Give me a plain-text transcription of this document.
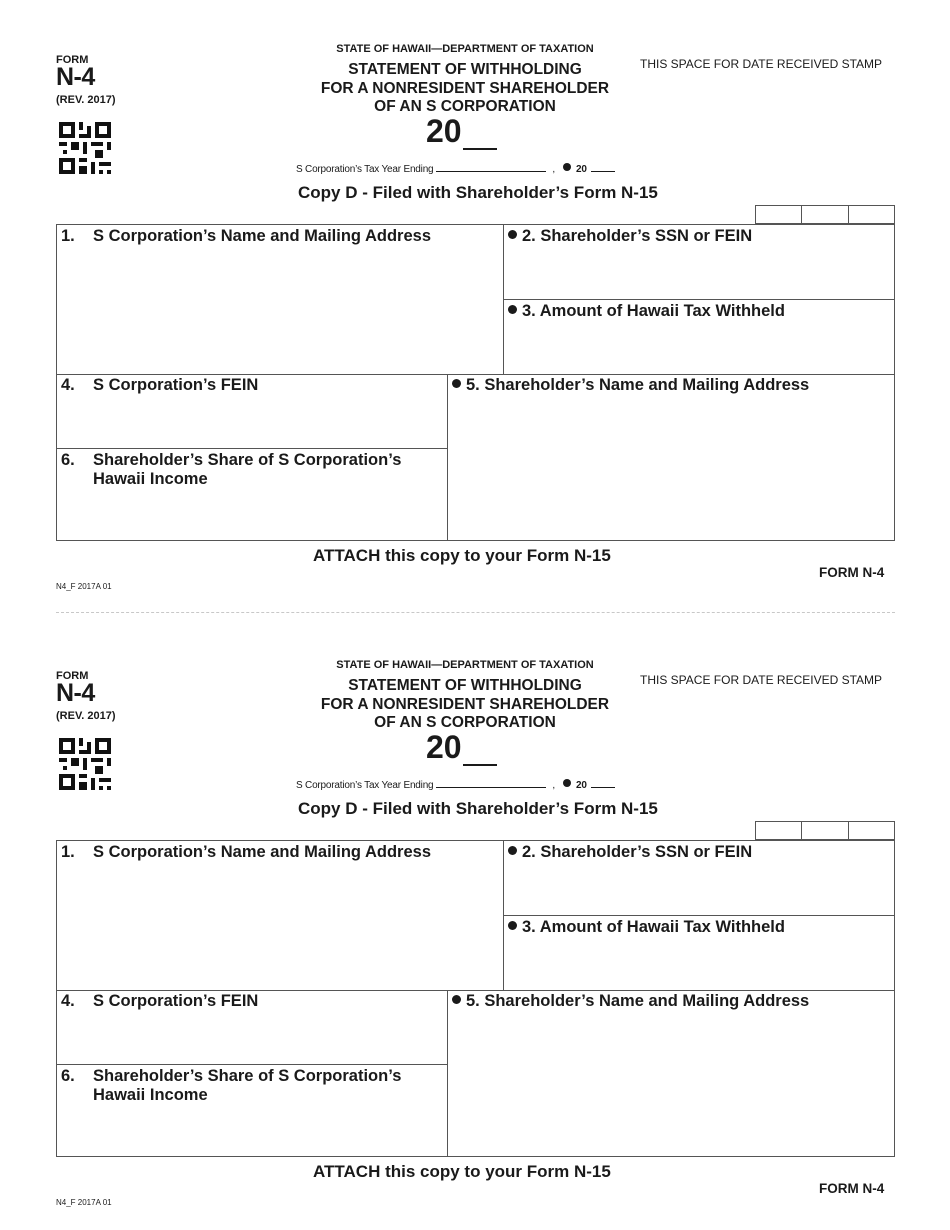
FORM
N-4
(REV. 2017)
STATE OF HAWAII—DEPARTMENT OF TAXATION
STATEMENT OF WITHHOLDING
FOR A NONRESIDENT SHAREHOLDER
OF AN S CORPORATION
20
S Corporation’s Tax Year Ending	, 20
THIS SPACE FOR DATE RECEIVED STAMP
Copy D - Filed with Shareholder’s Form N-15
1. S Corporation’s Name and Mailing Address	2. Shareholder’s SSN or FEIN
3. Amount of Hawaii Tax Withheld
4. S Corporation’s FEIN	5. Shareholder’s Name and Mailing Address
6. Shareholder’s Share of S Corporation’s
Hawaii Income
ATTACH this copy to your Form N-15
N4_F 2017A 01
FORM N-4
FORM
N-4
(REV. 2017)
STATE OF HAWAII—DEPARTMENT OF TAXATION
STATEMENT OF WITHHOLDING
FOR A NONRESIDENT SHAREHOLDER
OF AN S CORPORATION
20
S Corporation’s Tax Year Ending	, 20
THIS SPACE FOR DATE RECEIVED STAMP
Copy D - Filed with Shareholder’s Form N-15
1. S Corporation’s Name and Mailing Address	2. Shareholder’s SSN or FEIN
3. Amount of Hawaii Tax Withheld
4. S Corporation’s FEIN	5. Shareholder’s Name and Mailing Address
6. Shareholder’s Share of S Corporation’s
Hawaii Income
ATTACH this copy to your Form N-15
N4_F 2017A 01
FORM N-4
